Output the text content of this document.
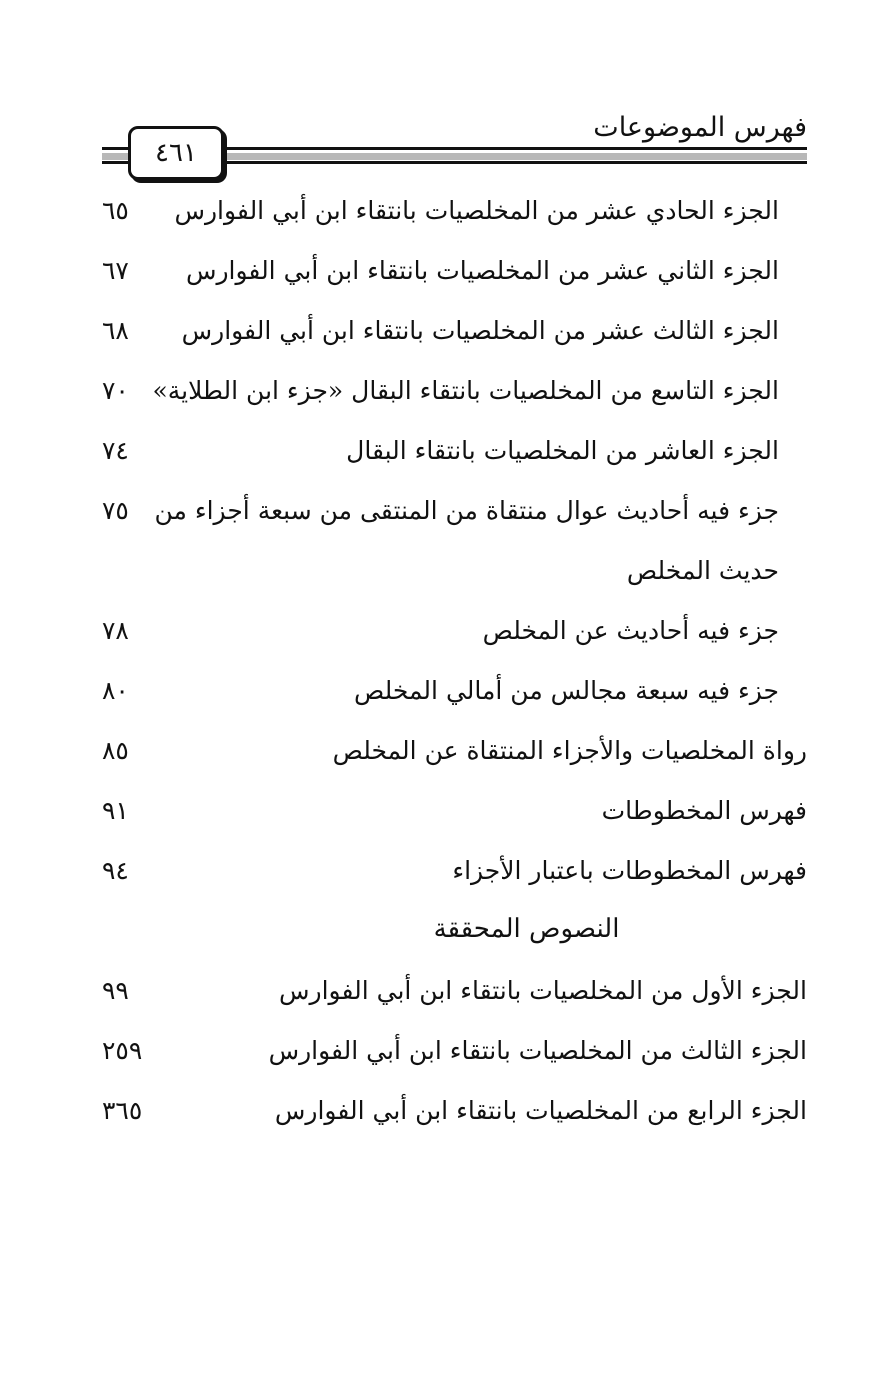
فهرس الموضوعات
٤٦١
الجزء الحادي عشر من المخلصيات بانتقاء ابن أبي الفوارس
٦٥
الجزء الثاني عشر من المخلصيات بانتقاء ابن أبي الفوارس
٦٧
الجزء الثالث عشر من المخلصيات بانتقاء ابن أبي الفوارس
٦٨
الجزء التاسع من المخلصيات بانتقاء البقال «جزء ابن الطلاية»
٧٠
الجزء العاشر من المخلصيات بانتقاء البقال
٧٤
جزء فيه أحاديث عوال منتقاة من المنتقى من سبعة أجزاء من
٧٥
حديث المخلص
جزء فيه أحاديث عن المخلص
٧٨
جزء فيه سبعة مجالس من أمالي المخلص
٨٠
رواة المخلصيات والأجزاء المنتقاة عن المخلص
٨٥
فهرس المخطوطات
٩١
فهرس المخطوطات باعتبار الأجزاء
٩٤
النصوص المحققة
الجزء الأول من المخلصيات بانتقاء ابن أبي الفوارس
٩٩
الجزء الثالث من المخلصيات بانتقاء ابن أبي الفوارس
٢٥٩
الجزء الرابع من المخلصيات بانتقاء ابن أبي الفوارس
٣٦٥
